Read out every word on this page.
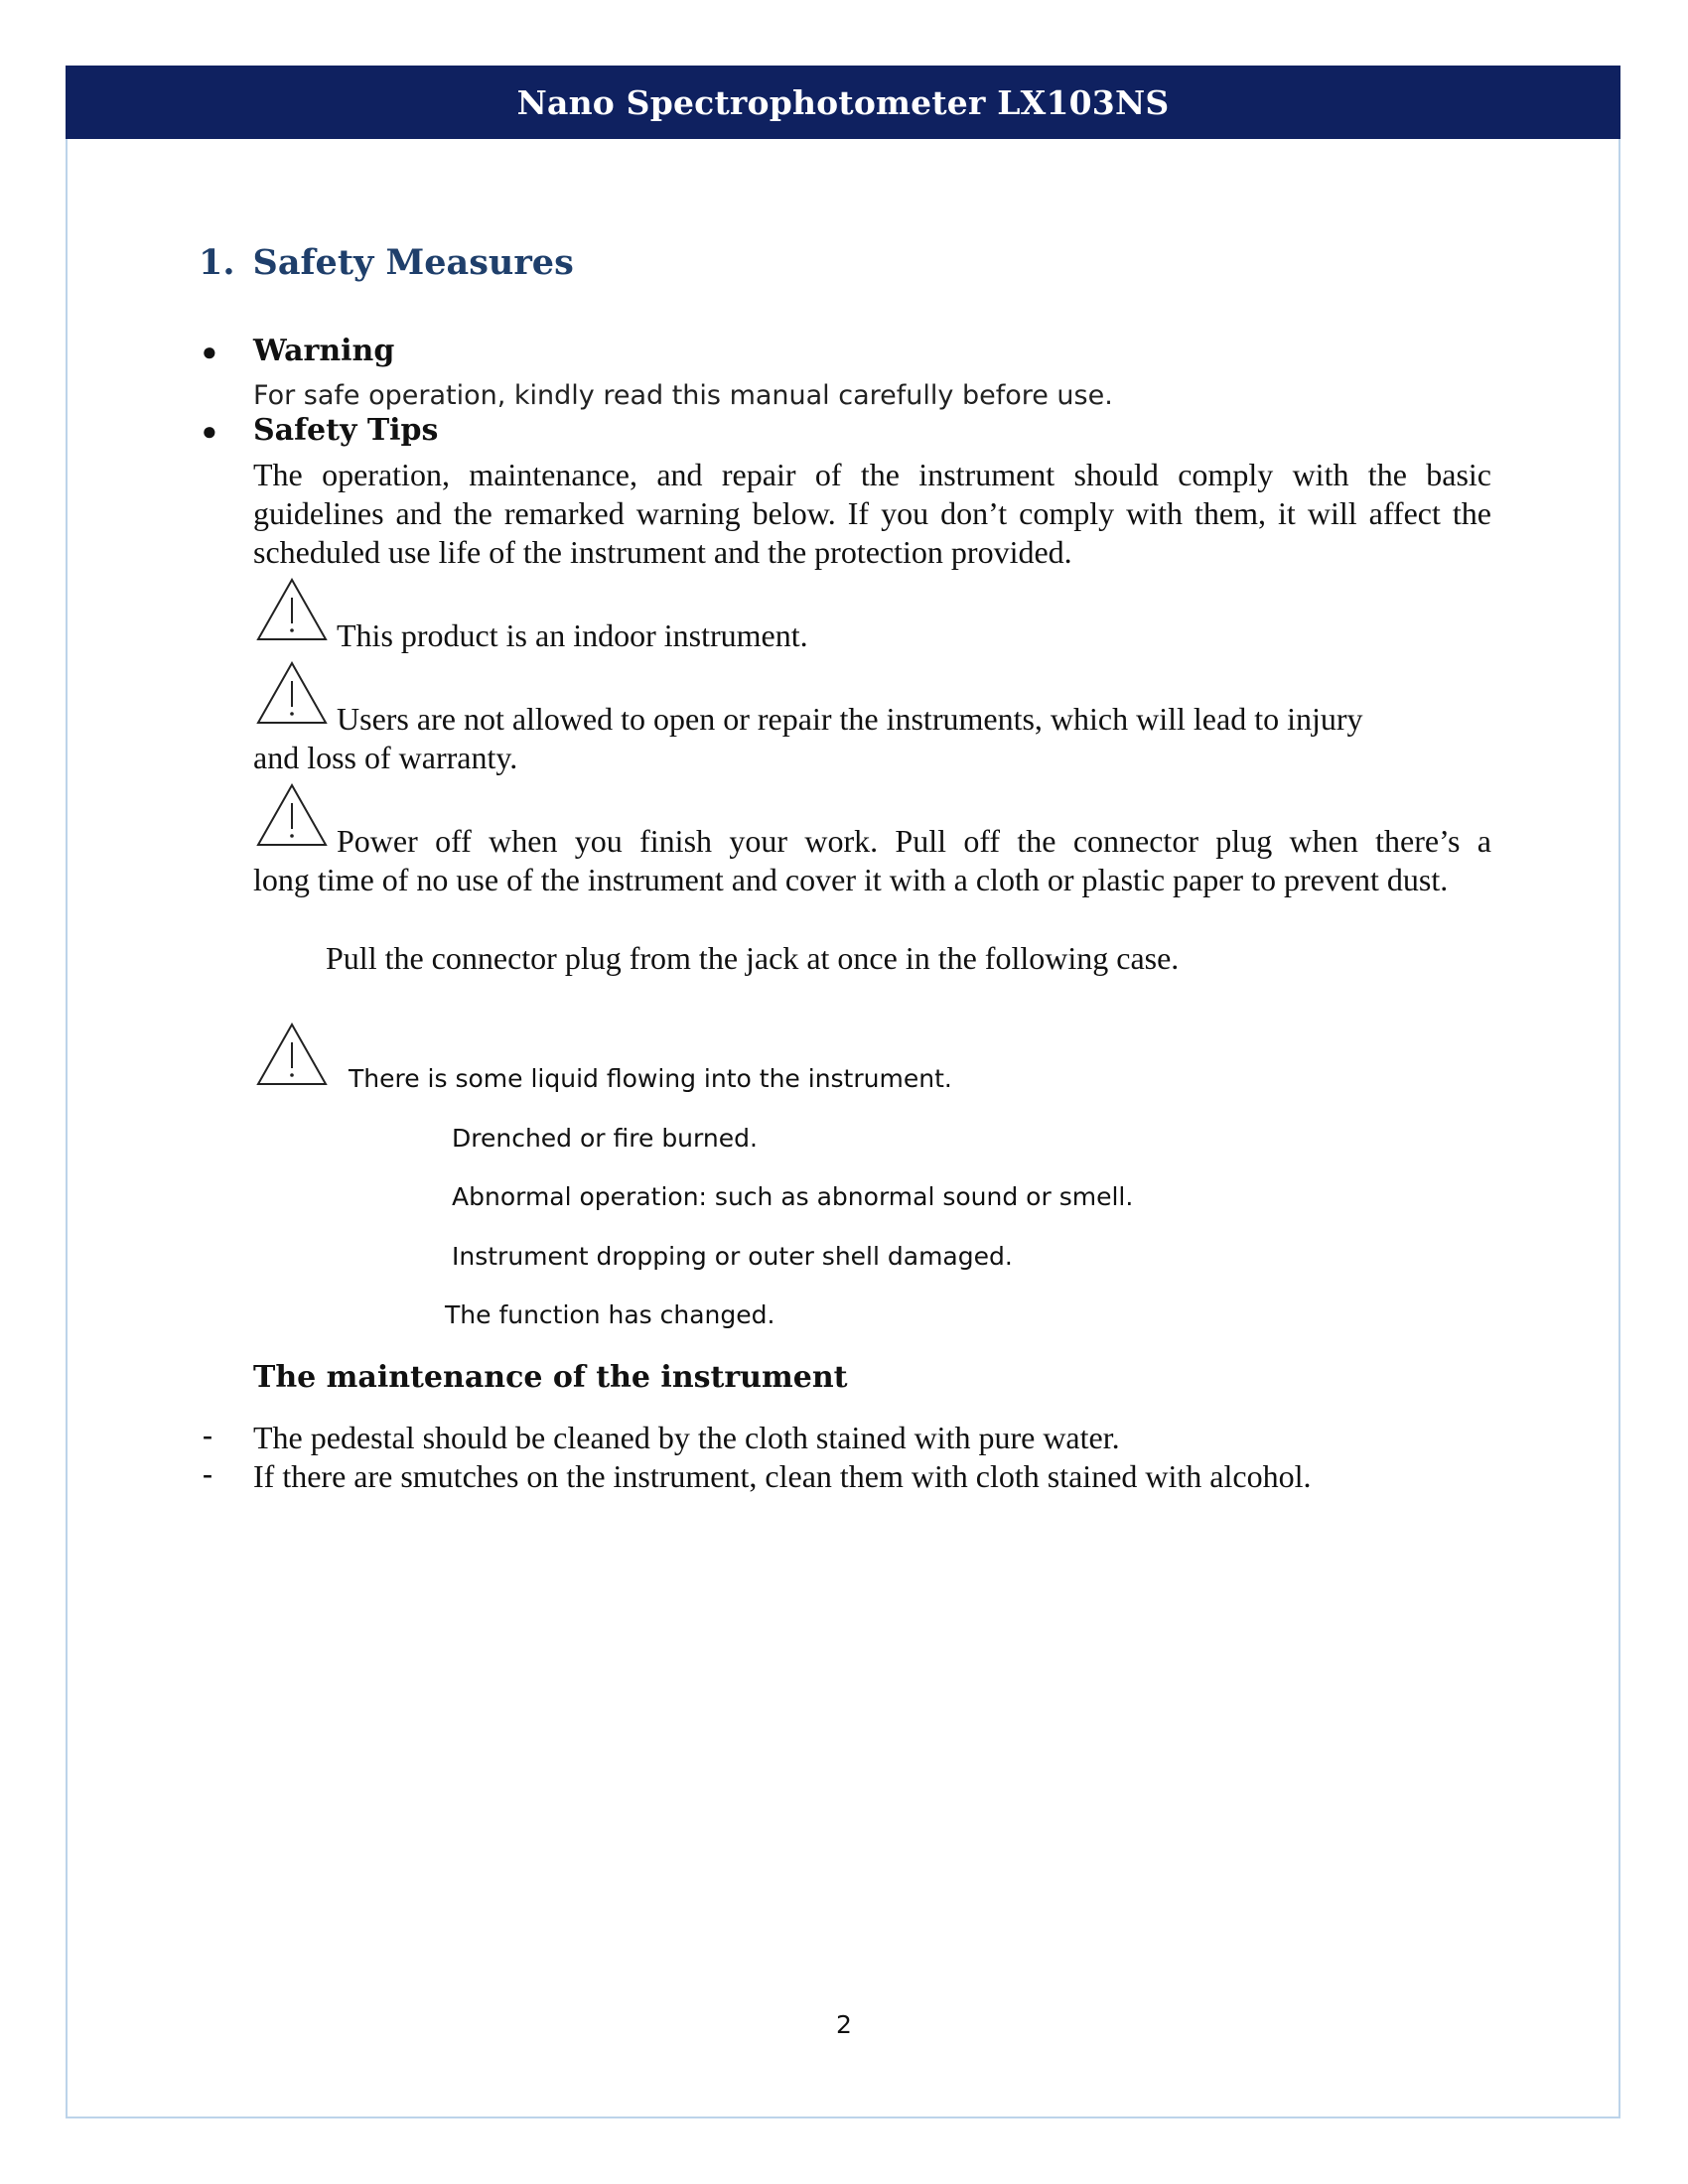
Nano Spectrophotometer LX103NS
1. Safety Measures
● Warning
For safe operation, kindly read this manual carefully before use.
● Safety Tips
The operation, maintenance, and repair of the instrument should comply with the basic guidelines and the remarked warning below. If you don’t comply with them, it will affect the scheduled use life of the instrument and the protection provided.
This product is an indoor instrument.
Users are not allowed to open or repair the instruments, which will lead to injury
and loss of warranty.
Power off when you finish your work. Pull off the connector plug when there’s a
long time of no use of the instrument and cover it with a cloth or plastic paper to prevent dust.
Pull the connector plug from the jack at once in the following case.
There is some liquid flowing into the instrument.
Drenched or fire burned.
Abnormal operation: such as abnormal sound or smell.
Instrument dropping or outer shell damaged.
The function has changed.
The maintenance of the instrument
- The pedestal should be cleaned by the cloth stained with pure water.
- If there are smutches on the instrument, clean them with cloth stained with alcohol.
2
